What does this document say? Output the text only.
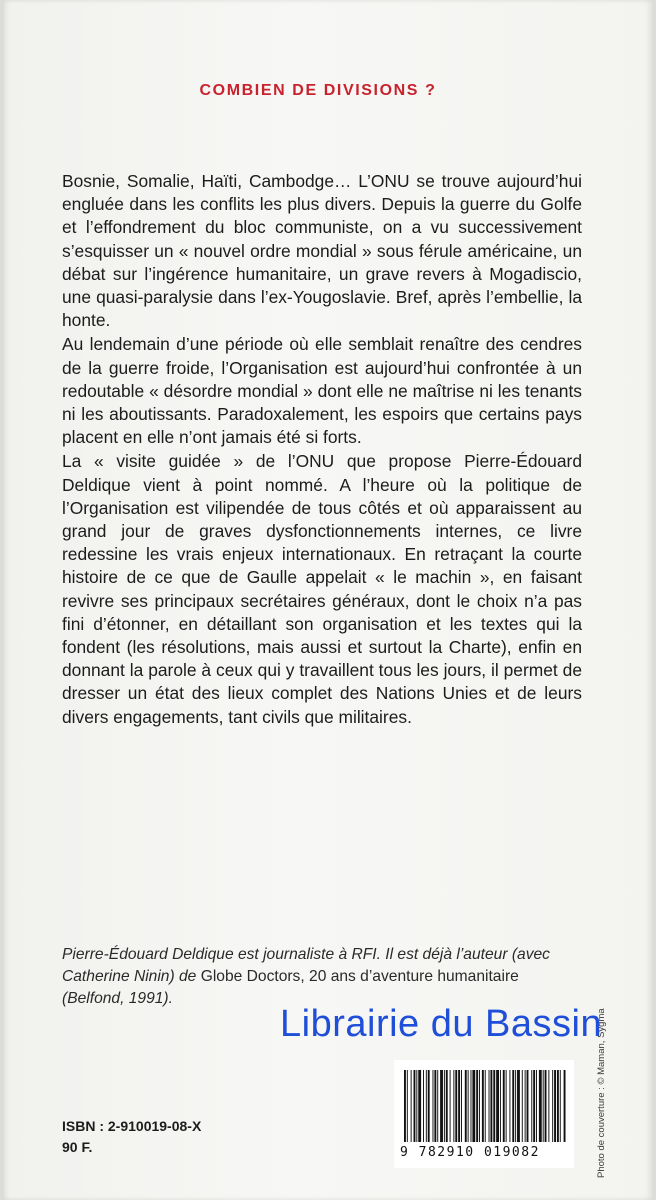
COMBIEN DE DIVISIONS ?

Bosnie, Somalie, Haïti, Cambodge… L’ONU se trouve aujourd’hui engluée dans les conflits les plus divers. Depuis la guerre du Golfe et l’effondrement du bloc communiste, on a vu successivement s’esquisser un « nouvel ordre mondial » sous férule américaine, un débat sur l’ingérence humanitaire, un grave revers à Mogadiscio, une quasi-paralysie dans l’ex-Yougoslavie. Bref, après l’embellie, la honte.

Au lendemain d’une période où elle semblait renaître des cendres de la guerre froide, l’Organisation est aujourd’hui confrontée à un redoutable « désordre mondial » dont elle ne maîtrise ni les tenants ni les aboutissants. Paradoxalement, les espoirs que certains pays placent en elle n’ont jamais été si forts.

La « visite guidée » de l’ONU que propose Pierre-Édouard Deldique vient à point nommé. A l’heure où la politique de l’Organisation est vilipendée de tous côtés et où apparaissent au grand jour de graves dysfonctionnements internes, ce livre redessine les vrais enjeux internationaux. En retraçant la courte histoire de ce que de Gaulle appelait « le machin », en faisant revivre ses principaux secrétaires généraux, dont le choix n’a pas fini d’étonner, en détaillant son organisation et les textes qui la fondent (les résolutions, mais aussi et surtout la Charte), enfin en donnant la parole à ceux qui y travaillent tous les jours, il permet de dresser un état des lieux complet des Nations Unies et de leurs divers engagements, tant civils que militaires.

Pierre-Édouard Deldique est journaliste à RFI. Il est déjà l’auteur (avec Catherine Ninin) de Globe Doctors, 20 ans d’aventure humanitaire (Belfond, 1991).
Photo de couverture : © Maman, Sygma
ISBN : 2-910019-08-X
90 F.	9 782910 019082
Librairie du Bassin
